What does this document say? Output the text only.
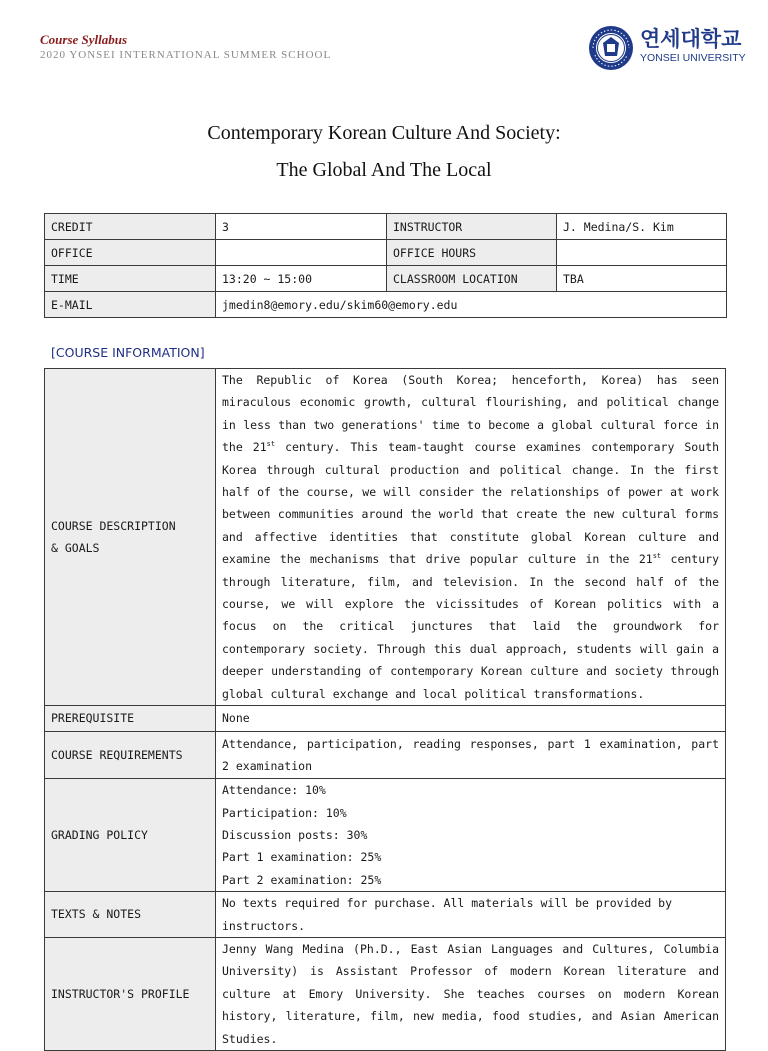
Course Syllabus
2020 YONSEI INTERNATIONAL SUMMER SCHOOL
연세대학교
YONSEI UNIVERSITY
Contemporary Korean Culture And Society:
The Global And The Local
CREDIT	3	INSTRUCTOR	J. Medina/S. Kim
OFFICE		OFFICE HOURS	
TIME	13:20 ~ 15:00	CLASSROOM LOCATION	TBA
E-MAIL	jmedin8@emory.edu/skim60@emory.edu		
[COURSE INFORMATION]
COURSE DESCRIPTION
& GOALS	The Republic of Korea (South Korea; henceforth, Korea) has seen miraculous economic growth, cultural flourishing, and political change in less than two generations' time to become a global cultural force in the 21st century. This team-taught course examines contemporary South Korea through cultural production and political change. In the first half of the course, we will consider the relationships of power at work between communities around the world that create the new cultural forms and affective identities that constitute global Korean culture and examine the mechanisms that drive popular culture in the 21st century through literature, film, and television. In the second half of the course, we will explore the vicissitudes of Korean politics with a focus on the critical junctures that laid the groundwork for contemporary society. Through this dual approach, students will gain a deeper understanding of contemporary Korean culture and society through global cultural exchange and local political transformations.
PREREQUISITE	None
COURSE REQUIREMENTS	Attendance, participation, reading responses, part 1 examination, part 2 examination
GRADING POLICY	Attendance: 10%
Participation: 10%
Discussion posts: 30%
Part 1 examination: 25%
Part 2 examination: 25%

TEXTS & NOTES	No texts required for purchase. All materials will be provided by instructors.
INSTRUCTOR'S PROFILE	Jenny Wang Medina (Ph.D., East Asian Languages and Cultures, Columbia University) is Assistant Professor of modern Korean literature and culture at Emory University. She teaches courses on modern Korean history, literature, film, new media, food studies, and Asian American Studies.
